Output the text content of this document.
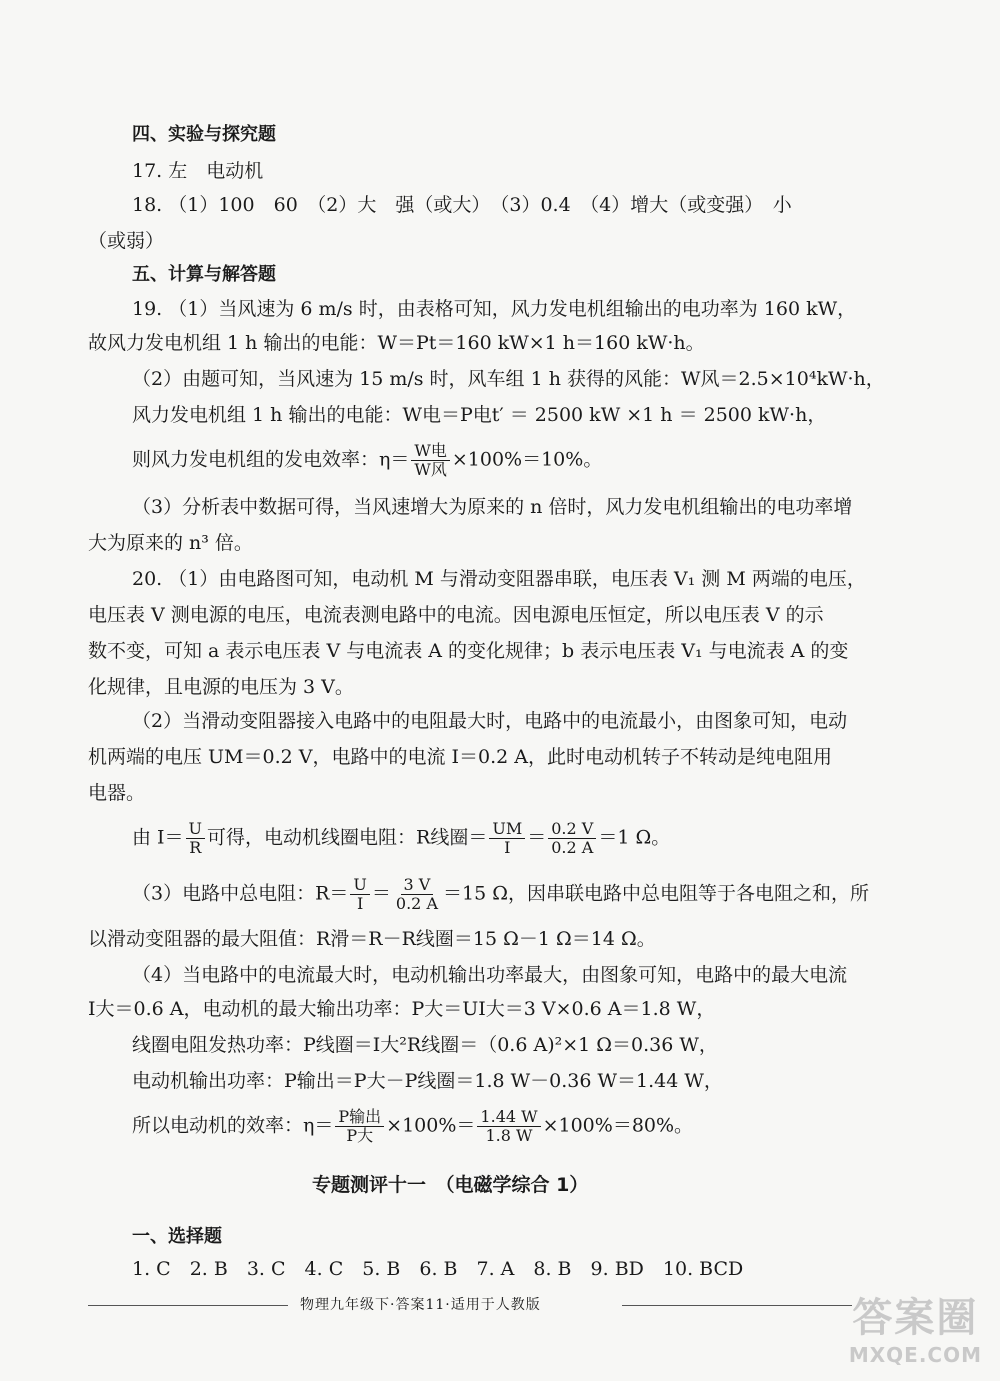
四、实验与探究题
17. 左　电动机
18. （1）100　60　（2）大　强（或大）　（3）0.4　（4）增大（或变强）　小
（或弱）
五、计算与解答题
19. （1）当风速为 6 m/s 时，由表格可知，风力发电机组输出的电功率为 160 kW，
故风力发电机组 1 h 输出的电能：W＝Pt＝160 kW×1 h＝160 kW·h。
（2）由题可知，当风速为 15 m/s 时，风车组 1 h 获得的风能：W风＝2.5×10⁴kW·h，
风力发电机组 1 h 输出的电能：W电＝P电t′ ＝ 2500 kW ×1 h ＝ 2500 kW·h，
则风力发电机组的发电效率：$\eta= \frac{\text{W电}}{\text{W风}} \times 100\%=10\%$。
（3）分析表中数据可得，当风速增大为原来的 n 倍时，风力发电机组输出的电功率增
大为原来的 n³ 倍。
20. （1）由电路图可知，电动机 M 与滑动变阻器串联，电压表 V₁ 测 M 两端的电压，
电压表 V 测电源的电压，电流表测电路中的电流。因电源电压恒定，所以电压表 V 的示
数不变，可知 a 表示电压表 V 与电流表 A 的变化规律；b 表示电压表 V₁ 与电流表 A 的变
化规律，且电源的电压为 3 V。
（2）当滑动变阻器接入电路中的电阻最大时，电路中的电流最小，由图象可知，电动
机两端的电压 UM＝0.2 V，电路中的电流 I＝0.2 A，此时电动机转子不转动是纯电阻用
电器。
由 $I= \frac{U}{R}$ 可得，电动机线圈电阻：R线圈＝ $\frac{UM}{I} = \frac{0.2 V}{0.2 A} =1$ Ω。
（3）电路中总电阻：$R= \frac{U}{I} = \frac{3 V}{0.2 A} =15$ Ω，因串联电路中总电阻等于各电阻之和，所
以滑动变阻器的最大阻值：R滑＝R－R线圈＝15 Ω－1 Ω＝14 Ω。
（4）当电路中的电流最大时，电动机输出功率最大，由图象可知，电路中的最大电流
I大＝0.6 A，电动机的最大输出功率：P大＝UI大＝3 V×0.6 A＝1.8 W，
线圈电阻发热功率：P线圈＝I大²R线圈＝（0.6 A)²×1 Ω＝0.36 W，
电动机输出功率：P输出＝P大－P线圈＝1.8 W－0.36 W＝1.44 W，
所以电动机的效率：$\eta= \frac{\text{P输出}}{\text{P大}} \times 100\%= \frac{1.44 W}{1.8 W} \times 100\%=80\%$。
专题测评十一　（电磁学综合 1）
一、选择题
1. C　2. B　3. C　4. C　5. B　6. B　7. A　8. B　9. BD　10. BCD
物理九年级下·答案11·适用于人教版	答案圈
MXQE.COM
